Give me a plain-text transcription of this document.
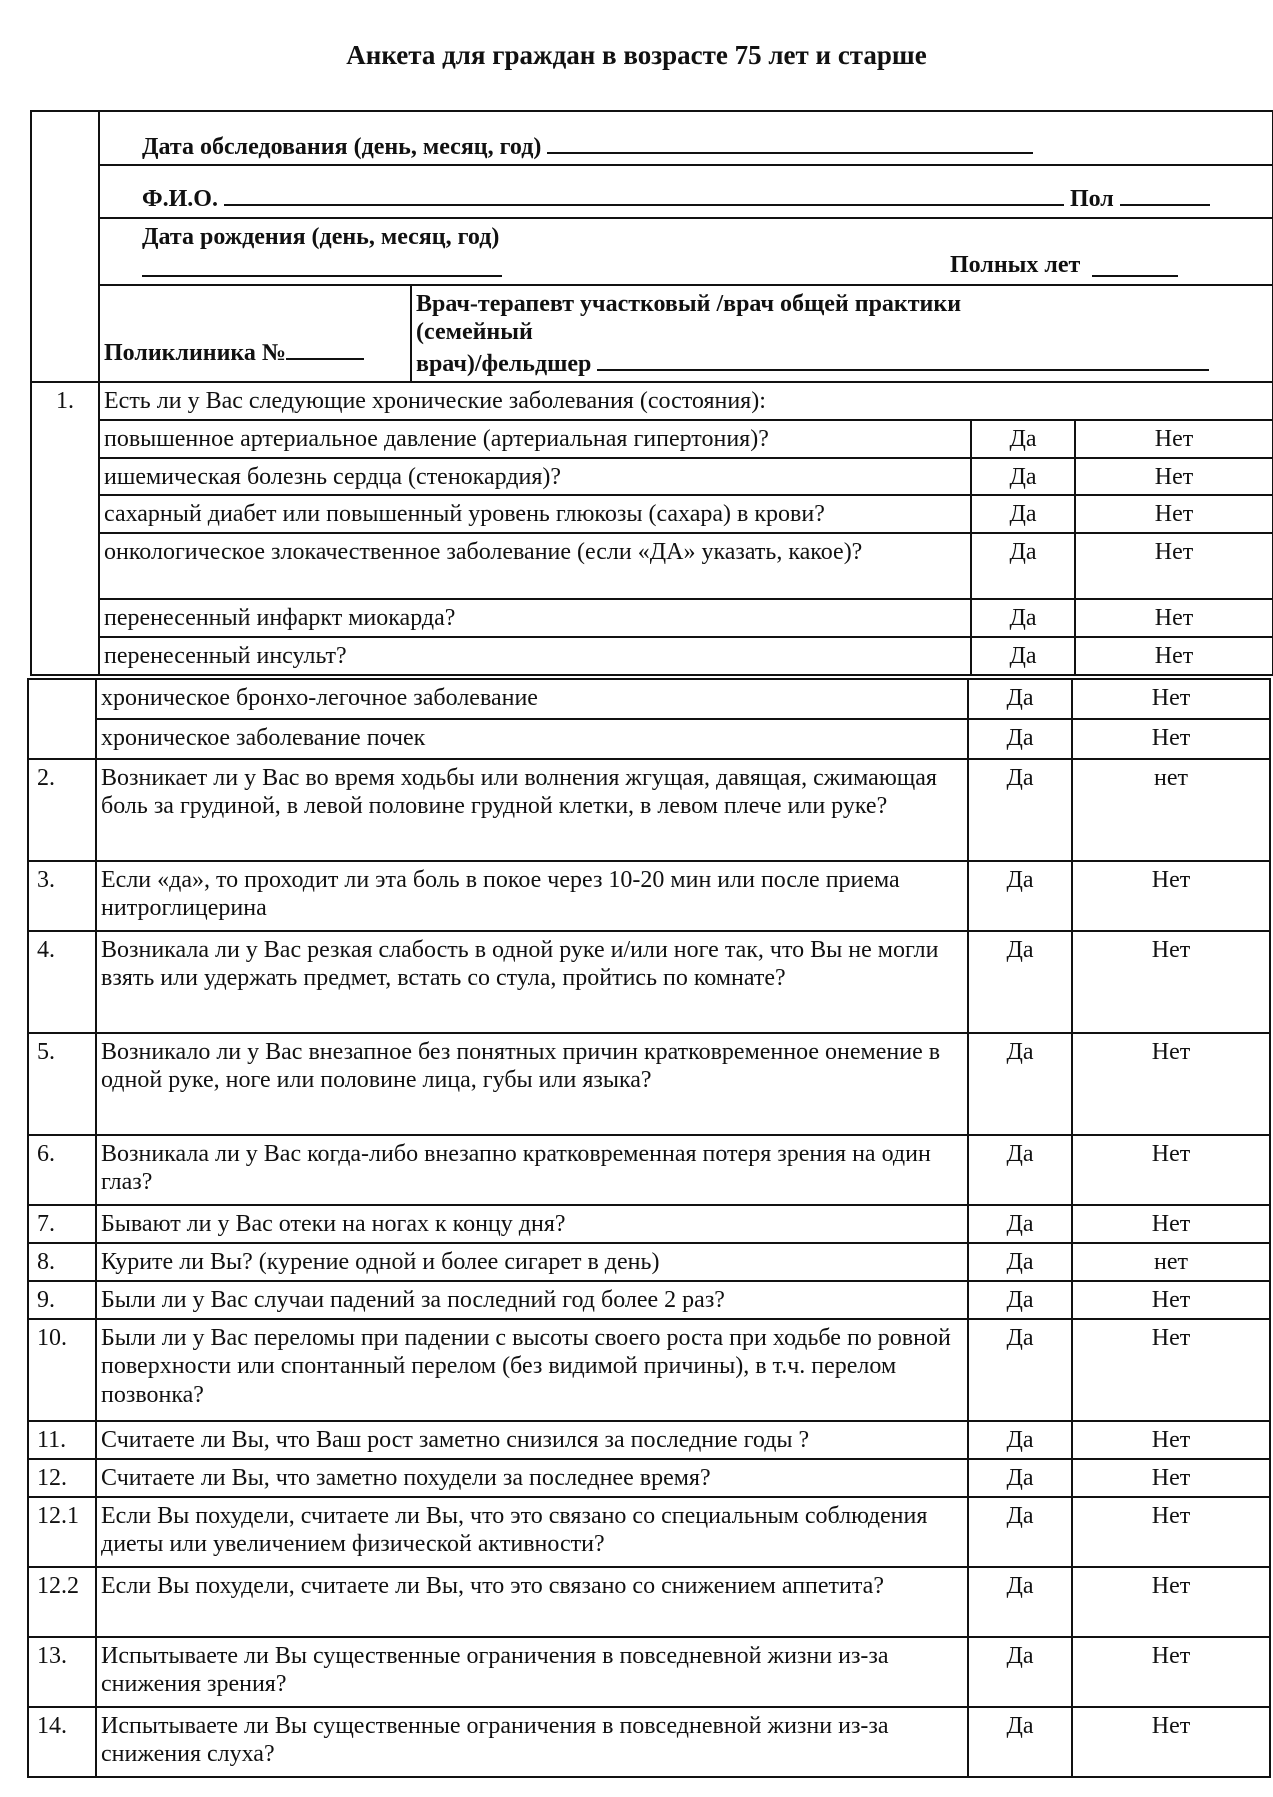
Анкета для граждан в возрасте 75 лет и старше
	Дата обследования (день, месяц, год)			
	Ф.И.О. Пол			

	Дата рождения (день, месяц, год)
Полных лет			

	Поликлиника №	Врач-терапевт участковый /врач общей практики
(семейный
врач)/фельдшер		

1.	Есть ли у Вас следующие хронические заболевания (состояния):			
	повышенное артериальное давление (артериальная гипертония)?		Да	Нет
	ишемическая болезнь сердца (стенокардия)?		Да	Нет
	сахарный диабет или повышенный уровень глюкозы (сахара) в крови?		Да	Нет
	онкологическое злокачественное заболевание (если «ДА» указать, какое)?		Да	Нет
	перенесенный инфаркт миокарда?		Да	Нет
	перенесенный инсульт?		Да	Нет
	хроническое бронхо-легочное заболевание	Да	Нет
	хроническое заболевание почек	Да	Нет
2.	Возникает ли у Вас во время ходьбы или волнения жгущая, давящая, сжимающая боль за грудиной, в левой половине грудной клетки, в левом плече или руке?	Да	нет
3.	Если «да», то проходит ли эта боль в покое через 10-20 мин или после приема нитроглицерина	Да	Нет
4.	Возникала ли у Вас резкая слабость в одной руке и/или ноге так, что Вы не могли взять или удержать предмет, встать со стула, пройтись по комнате?	Да	Нет
5.	Возникало ли у Вас внезапное без понятных причин кратковременное онемение в одной руке, ноге или половине лица, губы или языка?	Да	Нет
6.	Возникала ли у Вас когда-либо внезапно кратковременная потеря зрения на один глаз?	Да	Нет
7.	Бывают ли у Вас отеки на ногах к концу дня?	Да	Нет
8.	Курите ли Вы? (курение одной и более сигарет в день)	Да	нет
9.	Были ли у Вас случаи падений за последний год более 2 раз?	Да	Нет
10.	Были ли у Вас переломы при падении с высоты своего роста при ходьбе по ровной поверхности или спонтанный перелом (без видимой причины), в т.ч. перелом позвонка?	Да	Нет
11.	Считаете ли Вы, что Ваш рост заметно снизился за последние годы ?	Да	Нет
12.	Считаете ли Вы, что заметно похудели за последнее время?	Да	Нет
12.1	Если Вы похудели, считаете ли Вы, что это связано со специальным соблюдения диеты или увеличением физической активности?	Да	Нет
12.2	Если Вы похудели, считаете ли Вы, что это связано со снижением аппетита?	Да	Нет
13.	Испытываете ли Вы существенные ограничения в повседневной жизни из-за снижения зрения?	Да	Нет
14.	Испытываете ли Вы существенные ограничения в повседневной жизни из-за снижения слуха?	Да	Нет
